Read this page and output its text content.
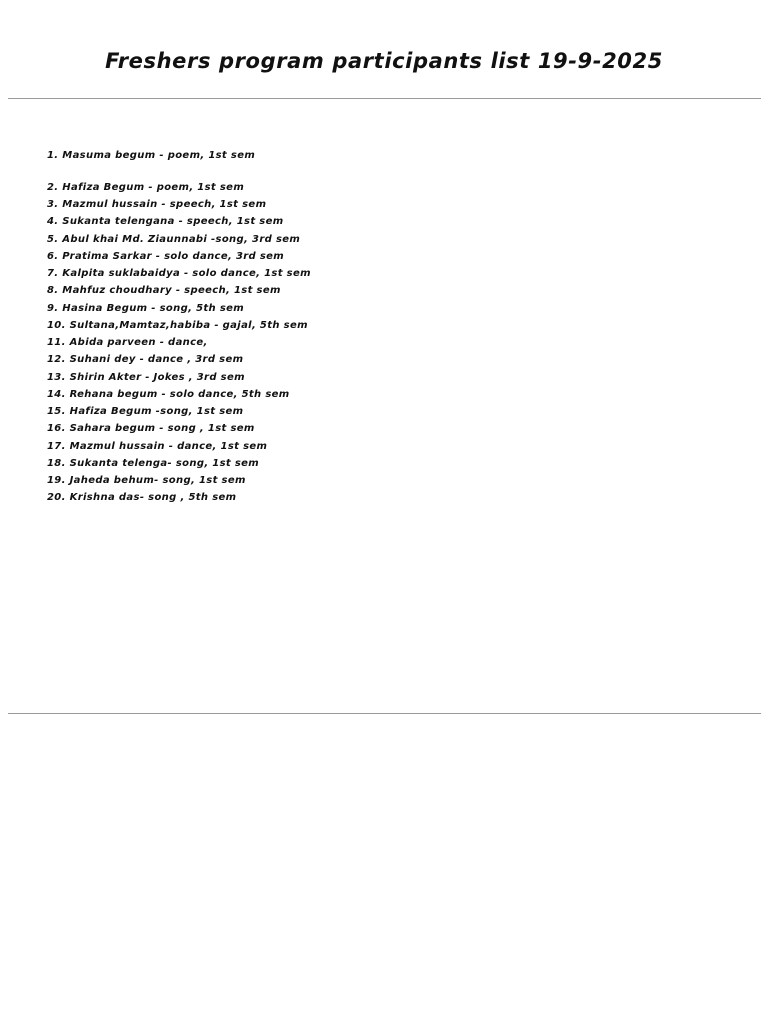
Freshers program participants list 19-9-2025
1. Masuma begum - poem, 1st sem
2. Hafiza Begum - poem, 1st sem
3. Mazmul hussain - speech, 1st sem
4. Sukanta telengana - speech, 1st sem
5. Abul khai Md. Ziaunnabi -song, 3rd sem
6. Pratima Sarkar - solo dance, 3rd sem
7. Kalpita suklabaidya - solo dance, 1st sem
8. Mahfuz choudhary - speech, 1st sem
9. Hasina Begum - song, 5th sem
10. Sultana,Mamtaz,habiba - gajal, 5th sem
11. Abida parveen - dance,
12. Suhani dey - dance , 3rd sem
13. Shirin Akter - Jokes , 3rd sem
14. Rehana begum - solo dance, 5th sem
15. Hafiza Begum -song, 1st sem
16. Sahara begum - song , 1st sem
17. Mazmul hussain - dance, 1st sem
18. Sukanta telenga- song, 1st sem
19. Jaheda behum- song, 1st sem
20. Krishna das- song , 5th sem
